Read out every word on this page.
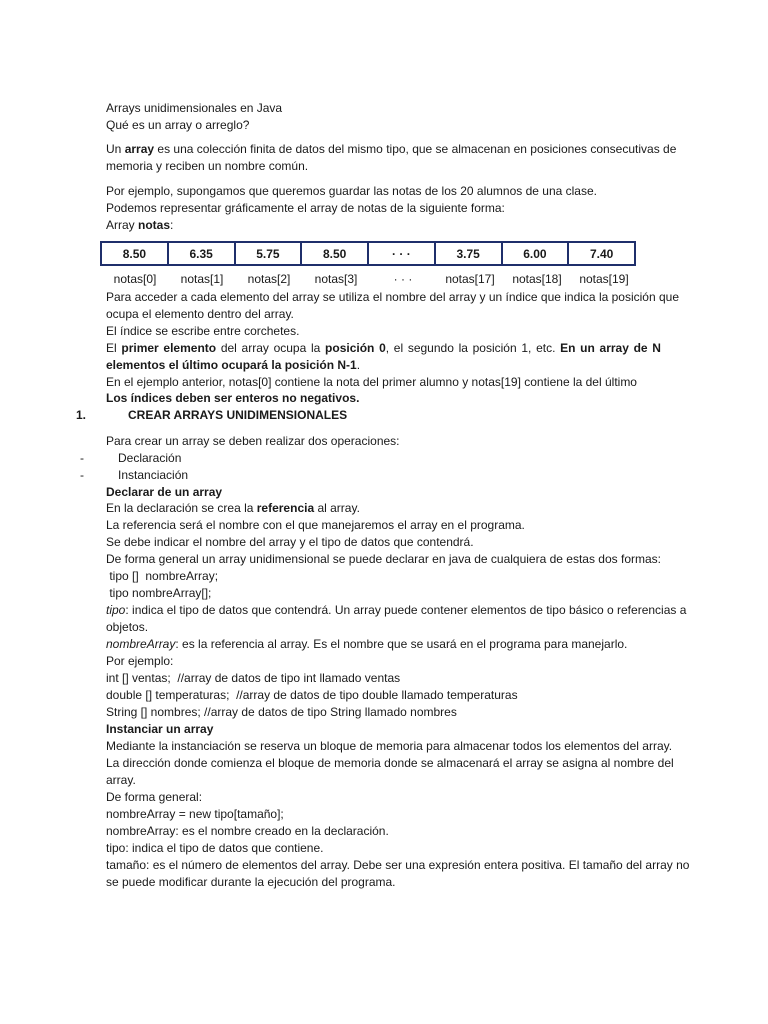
Arrays unidimensionales en Java
Qué es un array o arreglo?
Un array es una colección finita de datos del mismo tipo, que se almacenan en posiciones consecutivas de
memoria y reciben un nombre común.
Por ejemplo, supongamos que queremos guardar las notas de los 20 alumnos de una clase.
Podemos representar gráficamente el array de notas de la siguiente forma:
Array notas:
8.50	6.35	5.75	8.50	· · ·	3.75	6.00	7.40
notas[0]	notas[1]	notas[2]	notas[3]	· · ·	notas[17]	notas[18]	notas[19]
Para acceder a cada elemento del array se utiliza el nombre del array y un índice que indica la posición que
ocupa el elemento dentro del array.
El índice se escribe entre corchetes.
El primer elemento del array ocupa la posición 0, el segundo la posición 1, etc. En un array de N
elementos el último ocupará la posición N-1.
En el ejemplo anterior, notas[0] contiene la nota del primer alumno y notas[19] contiene la del último
Los índices deben ser enteros no negativos.
1.	CREAR ARRAYS UNIDIMENSIONALES
Para crear un array se deben realizar dos operaciones:
-	Declaración
-	Instanciación
Declarar de un array
En la declaración se crea la referencia al array.
La referencia será el nombre con el que manejaremos el array en el programa.
Se debe indicar el nombre del array y el tipo de datos que contendrá.
De forma general un array unidimensional se puede declarar en java de cualquiera de estas dos formas:
tipo []  nombreArray;
tipo nombreArray[];
tipo: indica el tipo de datos que contendrá. Un array puede contener elementos de tipo básico o referencias a
objetos.
nombreArray: es la referencia al array. Es el nombre que se usará en el programa para manejarlo.
Por ejemplo:
int [] ventas;  //array de datos de tipo int llamado ventas
double [] temperaturas;  //array de datos de tipo double llamado temperaturas
String [] nombres; //array de datos de tipo String llamado nombres
Instanciar un array
Mediante la instanciación se reserva un bloque de memoria para almacenar todos los elementos del array.
La dirección donde comienza el bloque de memoria donde se almacenará el array se asigna al nombre del
array.
De forma general:
nombreArray = new tipo[tamaño];
nombreArray: es el nombre creado en la declaración.
tipo: indica el tipo de datos que contiene.
tamaño: es el número de elementos del array. Debe ser una expresión entera positiva. El tamaño del array no
se puede modificar durante la ejecución del programa.
